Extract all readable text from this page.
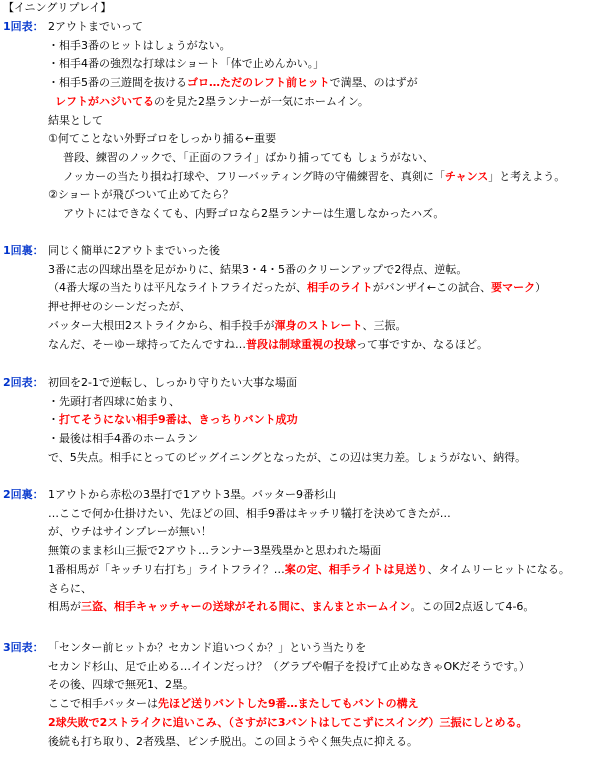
【イニングリプレイ】
1回表： 2アウトまでいって
・相手3番のヒットはしょうがない。
・相手4番の強烈な打球はショート「体で止めんかい。」
・相手5番の三遊間を抜けるゴロ…ただのレフト前ヒットで満塁、のはずが
レフトがハジいてるのを見た2塁ランナーが一気にホームイン。
結果として
①何てことない外野ゴロをしっかり捕る←重要
普段、練習のノックで、「正面のフライ」ばかり捕ってても しょうがない、
ノッカーの当たり損ね打球や、フリーバッティング時の守備練習を、真剣に「チャンス」と考えよう。
②ショートが飛びついて止めてたら？
アウトにはできなくても、内野ゴロなら2塁ランナーは生還しなかったハズ。
1回裏： 同じく簡単に2アウトまでいった後
3番に志の四球出塁を足がかりに、結果3・4・5番のクリーンアップで2得点、逆転。
（4番大塚の当たりは平凡なライトフライだったが、相手のライトがバンザイ←この試合、要マーク）
押せ押せのシーンだったが、
バッター大根田2ストライクから、相手投手が渾身のストレート、三振。
なんだ、そーゆー球持ってたんですね…普段は制球重視の投球って事ですか、なるほど。
2回表： 初回を2-1で逆転し、しっかり守りたい大事な場面
・先頭打者四球に始まり、
・打てそうにない相手9番は、きっちりバント成功
・最後は相手4番のホームラン
で、5失点。相手にとってのビッグイニングとなったが、この辺は実力差。しょうがない、納得。
2回裏： 1アウトから赤松の3塁打で1アウト3塁。バッター9番杉山
…ここで何か仕掛けたい、先ほどの回、相手9番はキッチリ犠打を決めてきたが…
が、ウチはサインプレーが無い！
無策のまま杉山三振で2アウト…ランナー3塁残塁かと思われた場面
1番相馬が「キッチリ右打ち」ライトフライ？…案の定、相手ライトは見送り、タイムリーヒットになる。
さらに、
相馬が三盗、相手キャッチャーの送球がそれる間に、まんまとホームイン。この回2点返して4-6。
3回表： 「センター前ヒットか？セカンド追いつくか？」という当たりを
セカンド杉山、足で止める…イインだっけ？（グラブや帽子を投げて止めなきゃOKだそうです。）
その後、四球で無死1、2塁。
ここで相手バッターは先ほど送りバントした9番…またしてもバントの構え
2球失敗で2ストライクに追いこみ、（さすがに3バントはしてこずにスイング）三振にしとめる。
後続も打ち取り、2者残塁、ピンチ脱出。この回ようやく無失点に抑える。
